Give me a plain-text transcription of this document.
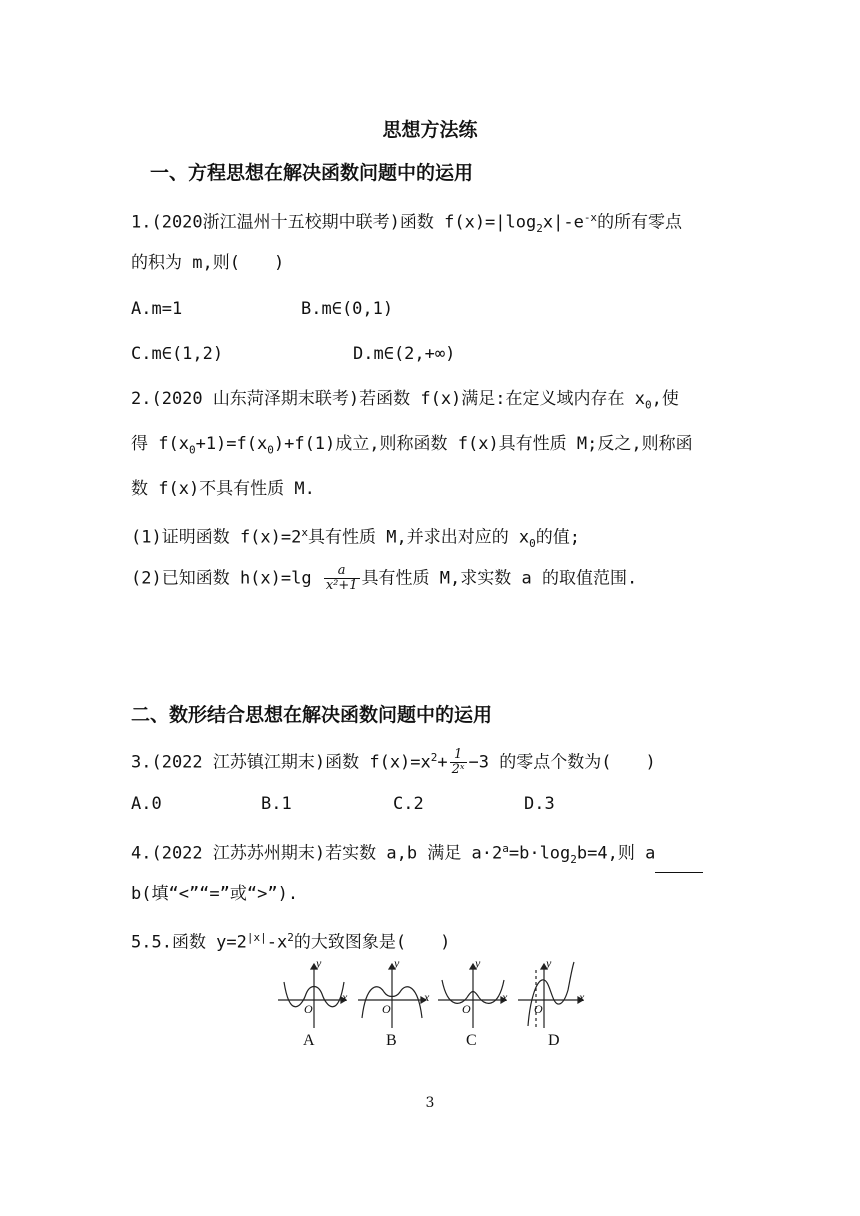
思想方法练
一、方程思想在解决函数问题中的运用
1.(2020浙江温州十五校期中联考)函数 $f(x)=|\log_2x|-e^{-x}$的所有零点
的积为 m,则(　　)
A.m=1	B.m∈(0,1)
C.m∈(1,2)	D.m∈(2,+∞)
2.(2020 山东菏泽期末联考)若函数 f(x)满足:在定义域内存在 $x_0$,使
得 $f(x_0+1)=f(x_0)+f(1)$成立,则称函数 f(x)具有性质 M;反之,则称函
数 f(x)不具有性质 M.
(1)证明函数 $f(x)=2^x$具有性质 M,并求出对应的 $x_0$的值;
(2)已知函数 $h(x)=\lg \frac{a}{\text{x²+1}}$ 具有性质 M,求实数 a 的取值范围.
二、数形结合思想在解决函数问题中的运用
3.(2022 江苏镇江期末)函数 $f(x)=x^2+ \frac{1}{\text{2ˣ}} -3$ 的零点个数为(　　)
A.0	B.1	C.2	D.3
4.(2022 江苏苏州期末)若实数 a,b 满足 $a\cdot 2^a=b\cdot\log_2b=4$,则 a
b(填“<”“=”或“>”).
5.5.函数 $y=2^{|x|}-x^2$的大致图象是(　　)
y
x
y
x
y
x
y
x
O	O	O	O
A	B	C	D
3
